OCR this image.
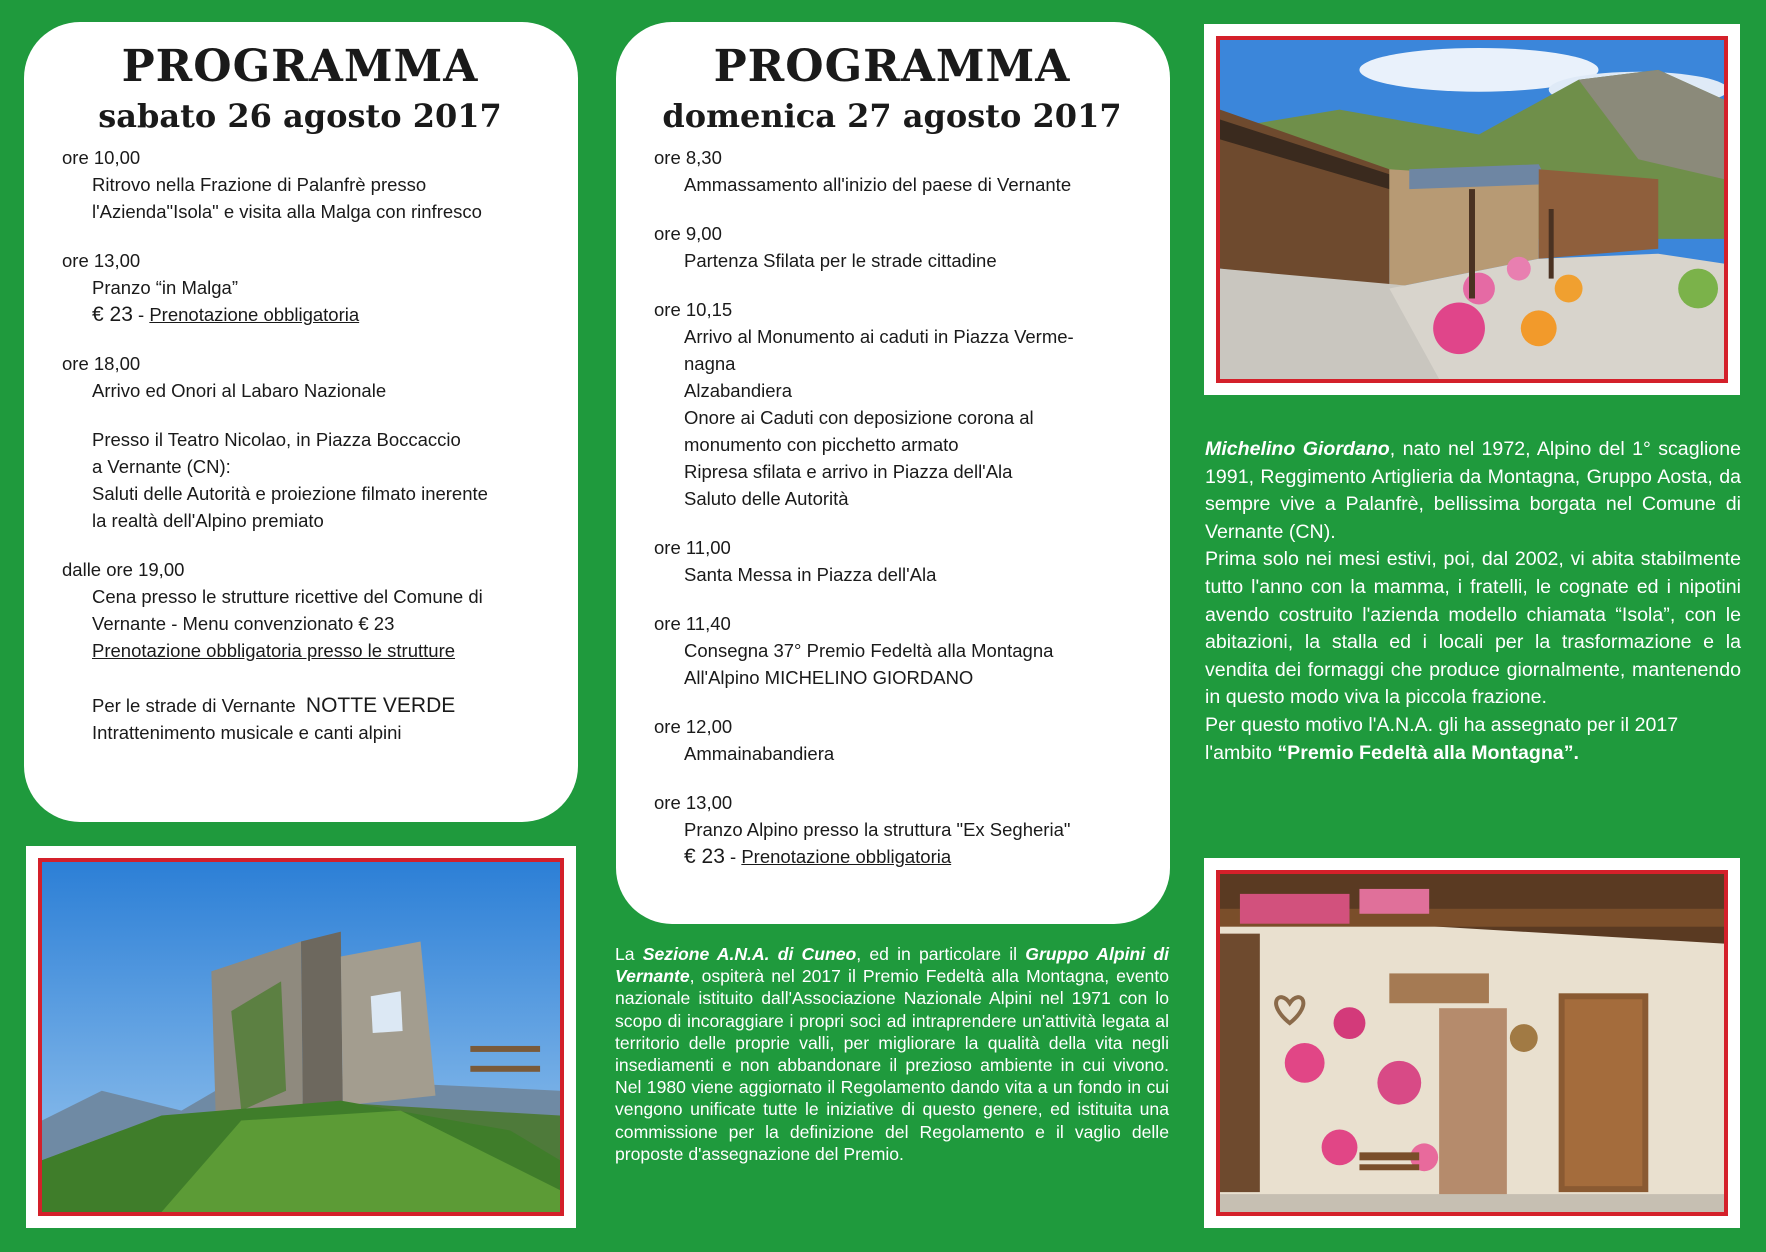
PROGRAMMA
sabato 26 agosto 2017
ore 10,00
Ritrovo nella Frazione di Palanfrè presso
l'Azienda"Isola" e visita alla Malga con rinfresco
ore 13,00
Pranzo “in Malga”
€ 23 - Prenotazione obbligatoria
ore 18,00
Arrivo ed Onori al Labaro Nazionale
Presso il Teatro Nicolao, in Piazza Boccaccio
a Vernante (CN):
Saluti delle Autorità e proiezione filmato inerente
la realtà dell'Alpino premiato
dalle ore 19,00
Cena presso le strutture ricettive del Comune di
Vernante - Menu convenzionato € 23
Prenotazione obbligatoria presso le strutture
Per le strade di Vernante NOTTE VERDE
Intrattenimento musicale e canti alpini
PROGRAMMA
domenica 27 agosto 2017
ore 8,30
Ammassamento all'inizio del paese di Vernante
ore 9,00
Partenza Sfilata per le strade cittadine
ore 10,15
Arrivo al Monumento ai caduti in Piazza Verme-
nagna
Alzabandiera
Onore ai Caduti con deposizione corona al
monumento con picchetto armato
Ripresa sfilata e arrivo in Piazza dell'Ala
Saluto delle Autorità
ore 11,00
Santa Messa in Piazza dell'Ala
ore 11,40
Consegna 37° Premio Fedeltà alla Montagna
All'Alpino MICHELINO GIORDANO
ore 12,00
Ammainabandiera
ore 13,00
Pranzo Alpino presso la struttura "Ex Segheria"
€ 23 - Prenotazione obbligatoria
La Sezione A.N.A. di Cuneo, ed in particolare il Gruppo Alpini di Vernante, ospiterà nel 2017 il Premio Fedeltà alla Montagna, evento nazionale istituito dall'Associazione Nazionale Alpini nel 1971 con lo scopo di incoraggiare i propri soci ad intraprendere un'attività legata al territorio delle proprie valli, per migliorare la qualità della vita negli insediamenti e non abbandonare il prezioso ambiente in cui vivono. Nel 1980 viene aggiornato il Regolamento dando vita a un fondo in cui vengono unificate tutte le iniziative di questo genere, ed istituita una commissione per la definizione del Regolamento e il vaglio delle proposte d'assegnazione del Premio.
Michelino Giordano, nato nel 1972, Alpino del 1° scaglione 1991, Reggimento Artiglieria da Montagna, Gruppo Aosta, da sempre vive a Palanfrè, bellissima borgata nel Comune di Vernante (CN).
Prima solo nei mesi estivi, poi, dal 2002, vi abita stabilmente tutto l'anno con la mamma, i fratelli, le cognate ed i nipotini avendo costruito l'azienda modello chiamata “Isola”, con le abitazioni, la stalla ed i locali per la trasformazione e la vendita dei formaggi che produce giornalmente, mantenendo in questo modo viva la piccola frazione.
Per questo motivo l'A.N.A. gli ha assegnato per il 2017 l'ambito “Premio Fedeltà alla Montagna”.
